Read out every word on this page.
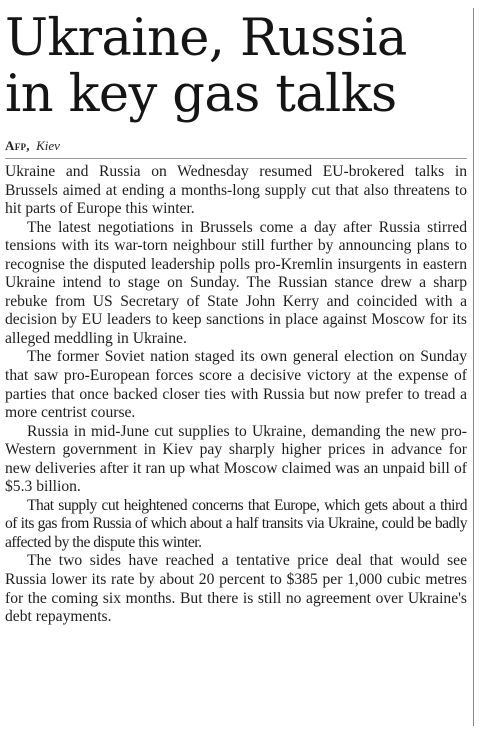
Ukraine, Russia
in key gas talks
Afp, Kiev

Ukraine and Russia on Wednesday resumed EU-brokered talks in Brussels aimed at ending a months-long supply cut that also threatens to hit parts of Europe this winter.

The latest negotiations in Brussels come a day after Russia stirred tensions with its war-torn neighbour still further by announcing plans to recognise the disputed leadership polls pro-Kremlin insurgents in eastern Ukraine intend to stage on Sunday. The Russian stance drew a sharp rebuke from US Secretary of State John Kerry and coincided with a decision by EU leaders to keep sanctions in place against Moscow for its alleged meddling in Ukraine.

The former Soviet nation staged its own general election on Sunday that saw pro-European forces score a decisive victory at the expense of parties that once backed closer ties with Russia but now prefer to tread a more centrist course.

Russia in mid-June cut supplies to Ukraine, demanding the new pro-Western government in Kiev pay sharply higher prices in advance for new deliveries after it ran up what Moscow claimed was an unpaid bill of $5.3 billion.

That supply cut heightened concerns that Europe, which gets about a third of its gas from Russia of which about a half transits via Ukraine, could be badly affected by the dispute this winter.

The two sides have reached a tentative price deal that would see Russia lower its rate by about 20 percent to $385 per 1,000 cubic metres for the coming six months. But there is still no agreement over Ukraine's debt repayments.
